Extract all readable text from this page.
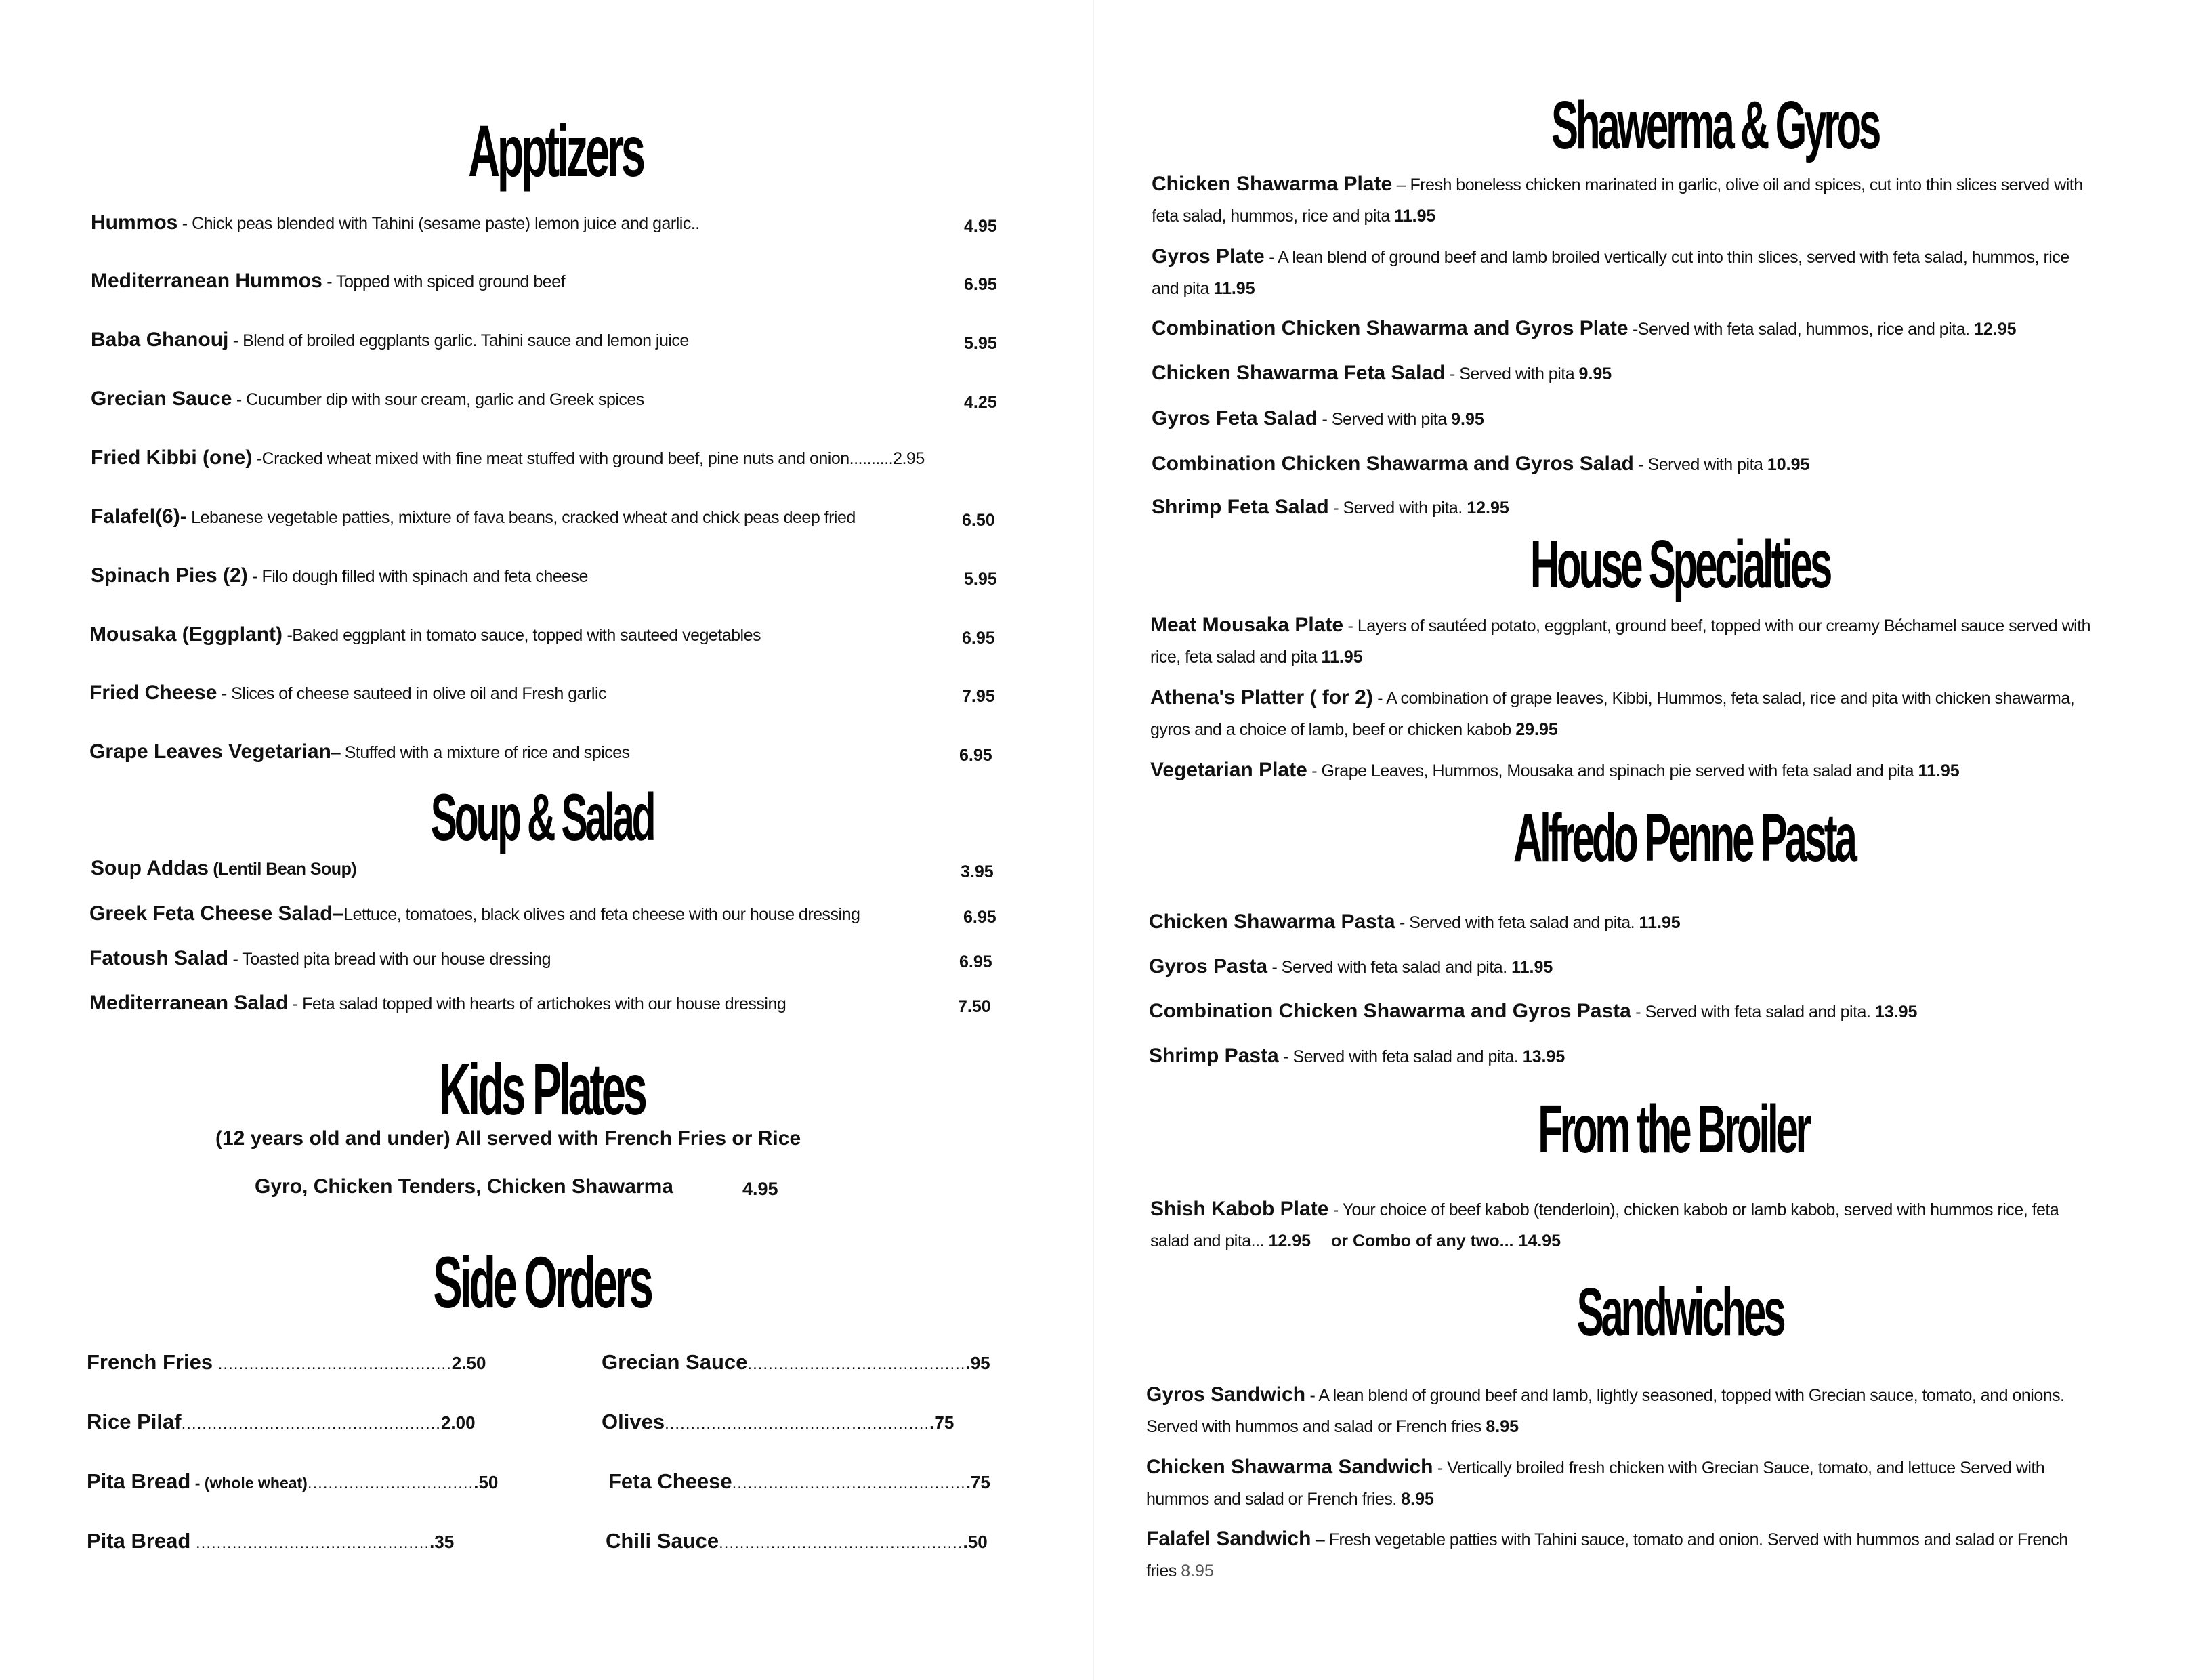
Apptizers
Hummos - Chick peas blended with Tahini (sesame paste) lemon juice and garlic..	4.95
Mediterranean Hummos - Topped with spiced ground beef	6.95
Baba Ghanouj - Blend of broiled eggplants garlic. Tahini sauce and lemon juice	5.95
Grecian Sauce - Cucumber dip with sour cream, garlic and Greek spices	4.25
Fried Kibbi (one) -Cracked wheat mixed with fine meat stuffed with ground beef, pine nuts and onion..........2.95
Falafel(6)- Lebanese vegetable patties, mixture of fava beans, cracked wheat and chick peas deep fried	6.50
Spinach Pies (2) - Filo dough filled with spinach and feta cheese	5.95
Mousaka (Eggplant) -Baked eggplant in tomato sauce, topped with sauteed vegetables	6.95
Fried Cheese - Slices of cheese sauteed in olive oil and Fresh garlic	7.95
Grape Leaves Vegetarian– Stuffed with a mixture of rice and spices	6.95
Soup & Salad
Soup Addas (Lentil Bean Soup)	3.95
Greek Feta Cheese Salad–Lettuce, tomatoes, black olives and feta cheese with our house dressing	6.95
Fatoush Salad - Toasted pita bread with our house dressing	6.95
Mediterranean Salad - Feta salad topped with hearts of artichokes with our house dressing	7.50
Kids Plates
(12 years old and under) All served with French Fries or Rice
Gyro, Chicken Tenders, Chicken Shawarma	4.95
Side Orders
French Fries .............................................2.50
Rice Pilaf..................................................2.00
Pita Bread - (whole wheat).................................50
Pita Bread ..............................................35
Grecian Sauce...........................................95
Olives....................................................75
Feta Cheese..............................................75
Chili Sauce................................................50
Shawerma & Gyros
Chicken Shawarma Plate – Fresh boneless chicken marinated in garlic, olive oil and spices, cut into thin slices served with feta salad, hummos, rice and pita 11.95
Gyros Plate - A lean blend of ground beef and lamb broiled vertically cut into thin slices, served with feta salad, hummos, rice and pita 11.95
Combination Chicken Shawarma and Gyros Plate -Served with feta salad, hummos, rice and pita. 12.95
Chicken Shawarma Feta Salad - Served with pita 9.95
Gyros Feta Salad - Served with pita 9.95
Combination Chicken Shawarma and Gyros Salad - Served with pita 10.95
Shrimp Feta Salad - Served with pita. 12.95
House Specialties
Meat Mousaka Plate - Layers of sautéed potato, eggplant, ground beef, topped with our creamy Béchamel sauce served with rice, feta salad and pita 11.95
Athena's Platter ( for 2) - A combination of grape leaves, Kibbi, Hummos, feta salad, rice and pita with chicken shawarma, gyros and a choice of lamb, beef or chicken kabob 29.95
Vegetarian Plate - Grape Leaves, Hummos, Mousaka and spinach pie served with feta salad and pita 11.95
Alfredo Penne Pasta
Chicken Shawarma Pasta - Served with feta salad and pita. 11.95
Gyros Pasta - Served with feta salad and pita. 11.95
Combination Chicken Shawarma and Gyros Pasta - Served with feta salad and pita. 13.95
Shrimp Pasta - Served with feta salad and pita. 13.95
From the Broiler
Shish Kabob Plate - Your choice of beef kabob (tenderloin), chicken kabob or lamb kabob, served with hummos rice, feta salad and pita... 12.95 or Combo of any two... 14.95
Sandwiches
Gyros Sandwich - A lean blend of ground beef and lamb, lightly seasoned, topped with Grecian sauce, tomato, and onions. Served with hummos and salad or French fries 8.95
Chicken Shawarma Sandwich - Vertically broiled fresh chicken with Grecian Sauce, tomato, and lettuce Served with hummos and salad or French fries. 8.95
Falafel Sandwich – Fresh vegetable patties with Tahini sauce, tomato and onion. Served with hummos and salad or French fries 8.95
